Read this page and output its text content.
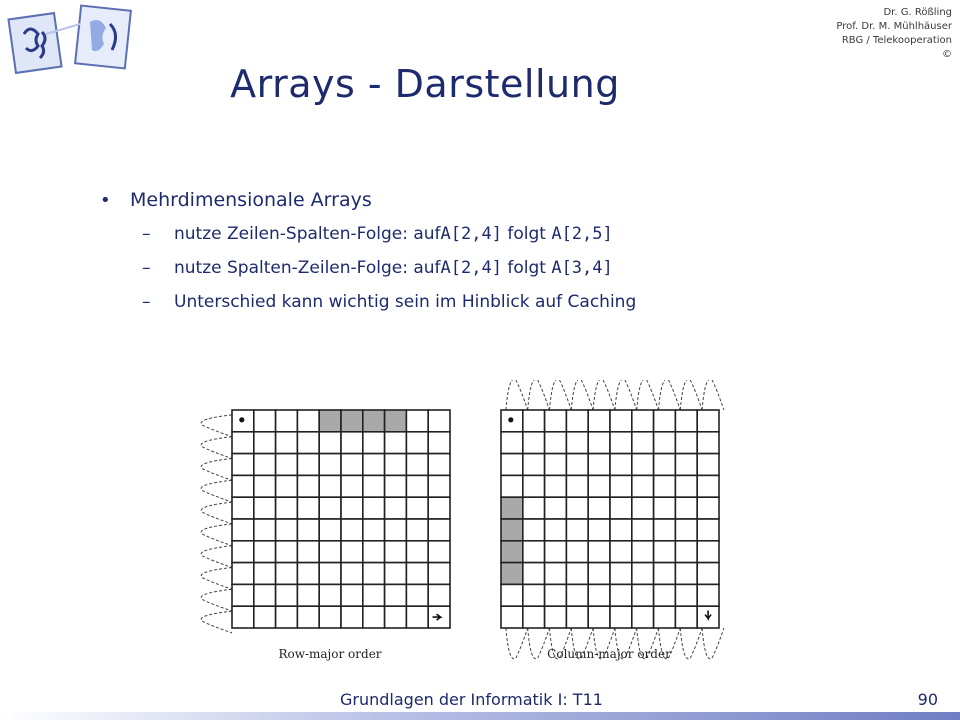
Dr. G. Rößling
Prof. Dr. M. Mühlhäuser
RBG / Telekooperation
©
Arrays - Darstellung
•	Mehrdimensionale Arrays
–	nutze Zeilen-Spalten-Folge: auf A[2,4] folgt A[2,5]
–	nutze Spalten-Zeilen-Folge: auf A[2,4] folgt A[3,4]
–	Unterschied kann wichtig sein im Hinblick auf Caching
Row-major order	Column-major order
Grundlagen der Informatik I: T11	90
